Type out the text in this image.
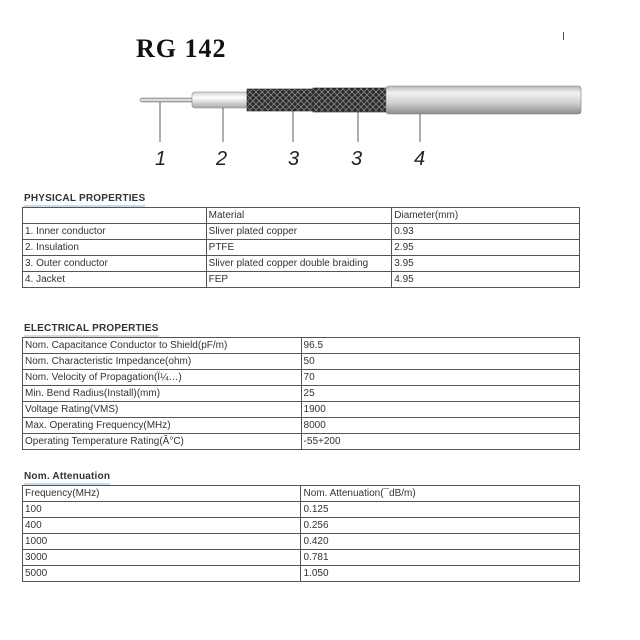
RG 142
1 2	3	3	4
PHYSICAL PROPERTIES
	Material	Diameter(mm)
1. Inner conductor	Sliver plated copper	0.93
2. Insulation	PTFE	2.95
3. Outer conductor	Sliver plated copper double braiding	3.95
4. Jacket	FEP	4.95
ELECTRICAL PROPERTIES
Nom. Capacitance Conductor to Shield(pF/m)	96.5
Nom. Characteristic Impedance(ohm)	50
Nom. Velocity of Propagation(Ï¼…)	70
Min. Bend Radius(Install)(mm)	25
Voltage Rating(VMS)	1900
Max. Operating Frequency(MHz)	8000
Operating Temperature Rating(Â°C)	-55+200
Nom. Attenuation
Frequency(MHz)	Nom. Attenuation(¯dB/m)
100	0.125
400	0.256
1000	0.420
3000	0.781
5000	1.050
